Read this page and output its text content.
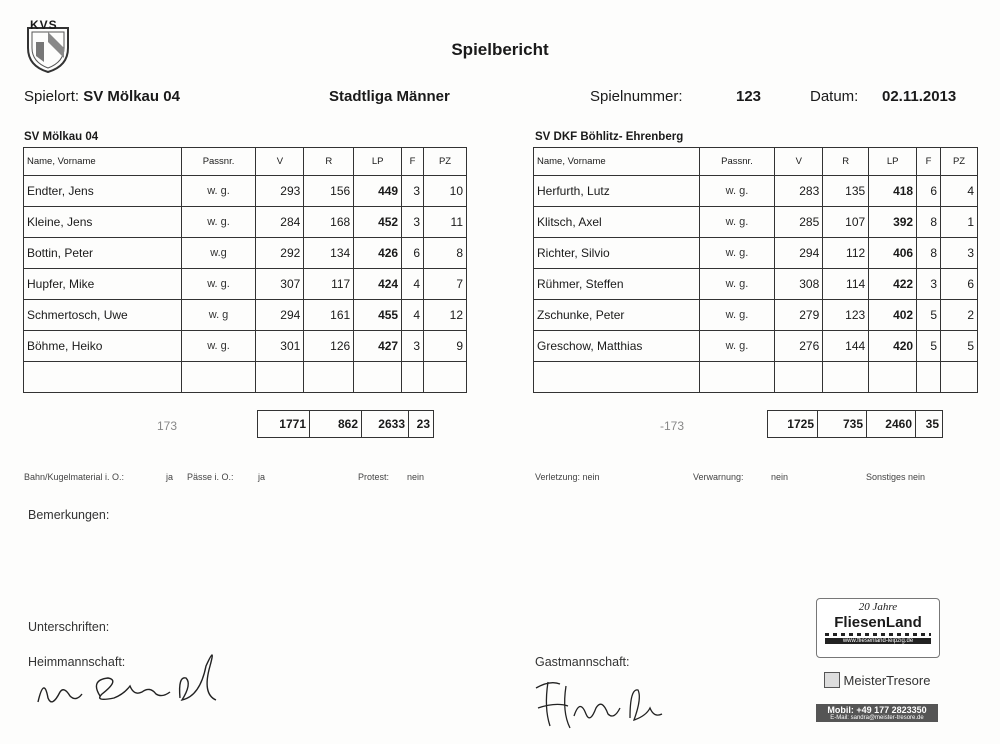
KVS
Spielbericht
Spielort: SV Mölkau 04	Stadtliga Männer	Spielnummer:	123	Datum: 02.11.2013
SV Mölkau 04	SV DKF Böhlitz- Ehrenberg
Name, Vorname	Passnr.	V	R	LP	F	PZ
Endter, Jens	w. g.	293	156	449	3	10
Kleine, Jens	w. g.	284	168	452	3	11
Bottin, Peter	w.g	292	134	426	6	8
Hupfer, Mike	w. g.	307	117	424	4	7
Schmertosch, Uwe	w. g	294	161	455	4	12
Böhme, Heiko	w. g.	301	126	427	3	9

Name, Vorname	Passnr.	V	R	LP	F	PZ
Herfurth, Lutz	w. g.	283	135	418	6	4
Klitsch, Axel	w. g.	285	107	392	8	1
Richter, Silvio	w. g.	294	112	406	8	3
Rühmer, Steffen	w. g.	308	114	422	3	6
Zschunke, Peter	w. g.	279	123	402	5	2
Greschow, Matthias	w. g.	276	144	420	5	5

173	1771	862	2633	23	-173	1725	735	2460	35
Bahn/Kugelmaterial i. O.:	ja Pässe i. O.:	ja	Protest: nein	Verletzung: nein	Verwarnung:	nein	Sonstiges nein
Bemerkungen:
Unterschriften:
Heimmannschaft:	Gastmannschaft:
20 Jahre
FliesenLand
www.fliesenland-leipzig.de
MeisterTresore
Mobil: +49 177 2823350
E-Mail: sandra@meister-tresore.de
